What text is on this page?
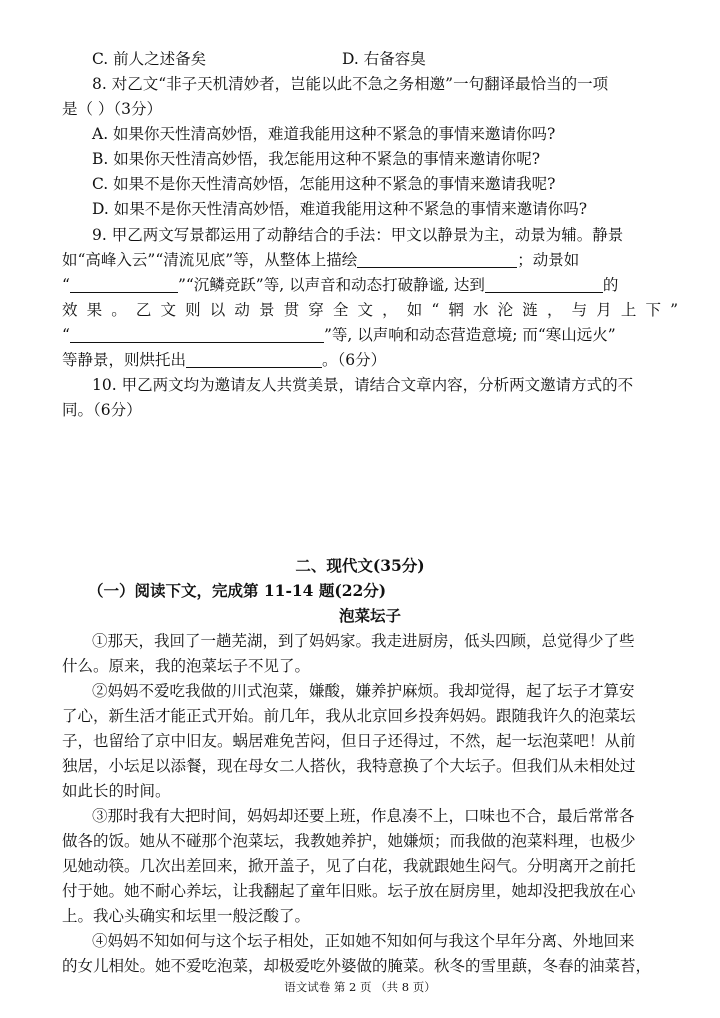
C. 前人之述备矣	D. 右备容臭
8. 对乙文“非子天机清妙者，岂能以此不急之务相邀”一句翻译最恰当的一项
是（ ）（3分）
A. 如果你天性清高妙悟，难道我能用这种不紧急的事情来邀请你吗?
B. 如果你天性清高妙悟，我怎能用这种不紧急的事情来邀请你呢?
C. 如果不是你天性清高妙悟，怎能用这种不紧急的事情来邀请我呢?
D. 如果不是你天性清高妙悟，难道我能用这种不紧急的事情来邀请你吗?
9. 甲乙两文写景都运用了动静结合的手法：甲文以静景为主，动景为辅。静景
如“高峰入云”“清流见底”等，从整体上描绘	；动景如
“	”“沉鳞竞跃”等, 以声音和动态打破静谧, 达到	的
效果。乙文则以动景贯穿全文，如“辋水沦涟，与月上下”
“	”等, 以声响和动态营造意境; 而“寒山远火”
等静景，则烘托出	。（6分）
10. 甲乙两文均为邀请友人共赏美景，请结合文章内容，分析两文邀请方式的不
同。（6分）
二、现代文(35分)
（一）阅读下文，完成第 11-14 题(22分)
泡菜坛子
①那天，我回了一趟芜湖，到了妈妈家。我走进厨房，低头四顾，总觉得少了些
什么。原来，我的泡菜坛子不见了。
②妈妈不爱吃我做的川式泡菜，嫌酸，嫌养护麻烦。我却觉得，起了坛子才算安
了心，新生活才能正式开始。前几年，我从北京回乡投奔妈妈。跟随我许久的泡菜坛
子，也留给了京中旧友。蜗居难免苦闷，但日子还得过，不然，起一坛泡菜吧！从前
独居，小坛足以添餐，现在母女二人搭伙，我特意换了个大坛子。但我们从未相处过
如此长的时间。
③那时我有大把时间，妈妈却还要上班，作息凑不上，口味也不合，最后常常各
做各的饭。她从不碰那个泡菜坛，我教她养护，她嫌烦；而我做的泡菜料理，也极少
见她动筷。几次出差回来，掀开盖子，见了白花，我就跟她生闷气。分明离开之前托
付于她。她不耐心养坛，让我翻起了童年旧账。坛子放在厨房里，她却没把我放在心
上。我心头确实和坛里一般泛酸了。
④妈妈不知如何与这个坛子相处，正如她不知如何与我这个早年分离、外地回来
的女儿相处。她不爱吃泡菜，却极爱吃外婆做的腌菜。秋冬的雪里蕻，冬春的油菜苔，
语文试卷 第 2 页 （共 8 页）
